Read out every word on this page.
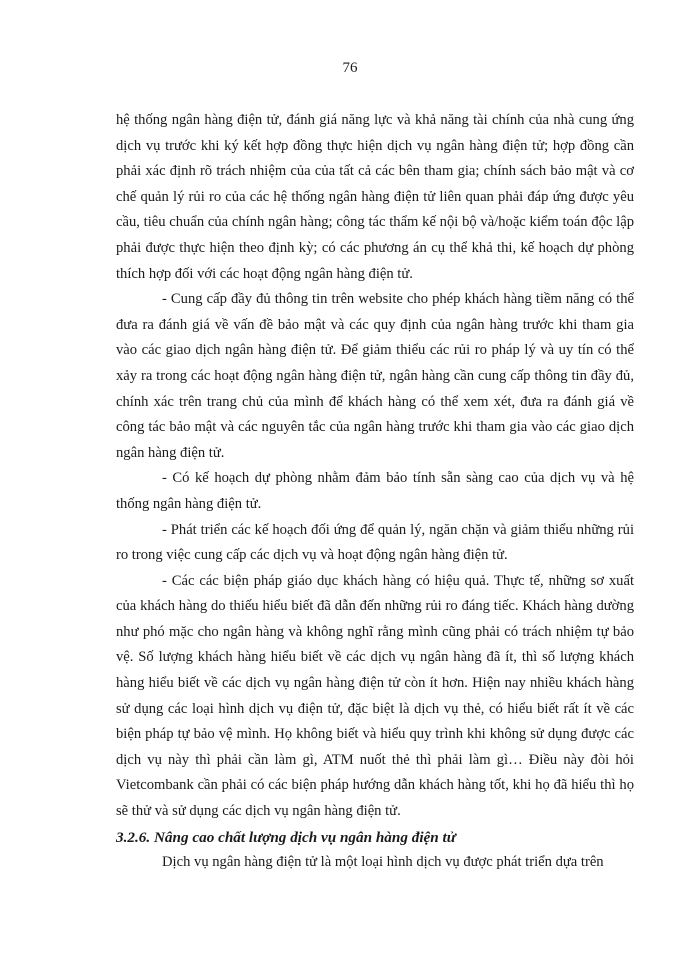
76

hệ thống ngân hàng điện tử, đánh giá năng lực và khả năng tài chính của nhà cung ứng dịch vụ trước khi ký kết hợp đồng thực hiện dịch vụ ngân hàng điện tử; hợp đồng cần phải xác định rõ trách nhiệm của của tất cả các bên tham gia; chính sách bảo mật và cơ chế quản lý rủi ro của các hệ thống ngân hàng điện tử liên quan phải đáp ứng được yêu cầu, tiêu chuẩn của chính ngân hàng; công tác thẩm kế nội bộ và/hoặc kiểm toán độc lập phải được thực hiện theo định kỳ; có các phương án cụ thể khả thi, kế hoạch dự phòng thích hợp đối với các hoạt động ngân hàng điện tử.

- Cung cấp đầy đủ thông tin trên website cho phép khách hàng tiềm năng có thể đưa ra đánh giá về vấn đề bảo mật và các quy định của ngân hàng trước khi tham gia vào các giao dịch ngân hàng điện tử. Để giảm thiểu các rủi ro pháp lý và uy tín có thể xảy ra trong các hoạt động ngân hàng điện tử, ngân hàng cần cung cấp thông tin đầy đủ, chính xác trên trang chủ của mình để khách hàng có thể xem xét, đưa ra đánh giá về công tác bảo mật và các nguyên tắc của ngân hàng trước khi tham gia vào các giao dịch ngân hàng điện tử.

- Có kế hoạch dự phòng nhằm đảm bảo tính sẵn sàng cao của dịch vụ và hệ thống ngân hàng điện tử.

- Phát triển các kế hoạch đối ứng để quản lý, ngăn chặn và giảm thiểu những rủi ro trong việc cung cấp các dịch vụ và hoạt động ngân hàng điện tử.

- Các các biện pháp giáo dục khách hàng có hiệu quả. Thực tế, những sơ xuất của khách hàng do thiếu hiểu biết đã dẫn đến những rủi ro đáng tiếc. Khách hàng dường như phó mặc cho ngân hàng và không nghĩ rằng mình cũng phải có trách nhiệm tự bảo vệ. Số lượng khách hàng hiểu biết về các dịch vụ ngân hàng đã ít, thì số lượng khách hàng hiểu biết về các dịch vụ ngân hàng điện tử còn ít hơn. Hiện nay nhiều khách hàng sử dụng các loại hình dịch vụ điện tử, đặc biệt là dịch vụ thẻ, có hiểu biết rất ít về các biện pháp tự bảo vệ mình. Họ không biết và hiểu quy trình khi không sử dụng được các dịch vụ này thì phải cần làm gì, ATM nuốt thẻ thì phải làm gì… Điều này đòi hỏi Vietcombank cần phải có các biện pháp hướng dẫn khách hàng tốt, khi họ đã hiểu thì họ sẽ thử và sử dụng các dịch vụ ngân hàng điện tử.

3.2.6. Nâng cao chất lượng dịch vụ ngân hàng điện tử

Dịch vụ ngân hàng điện tử là một loại hình dịch vụ được phát triển dựa trên
